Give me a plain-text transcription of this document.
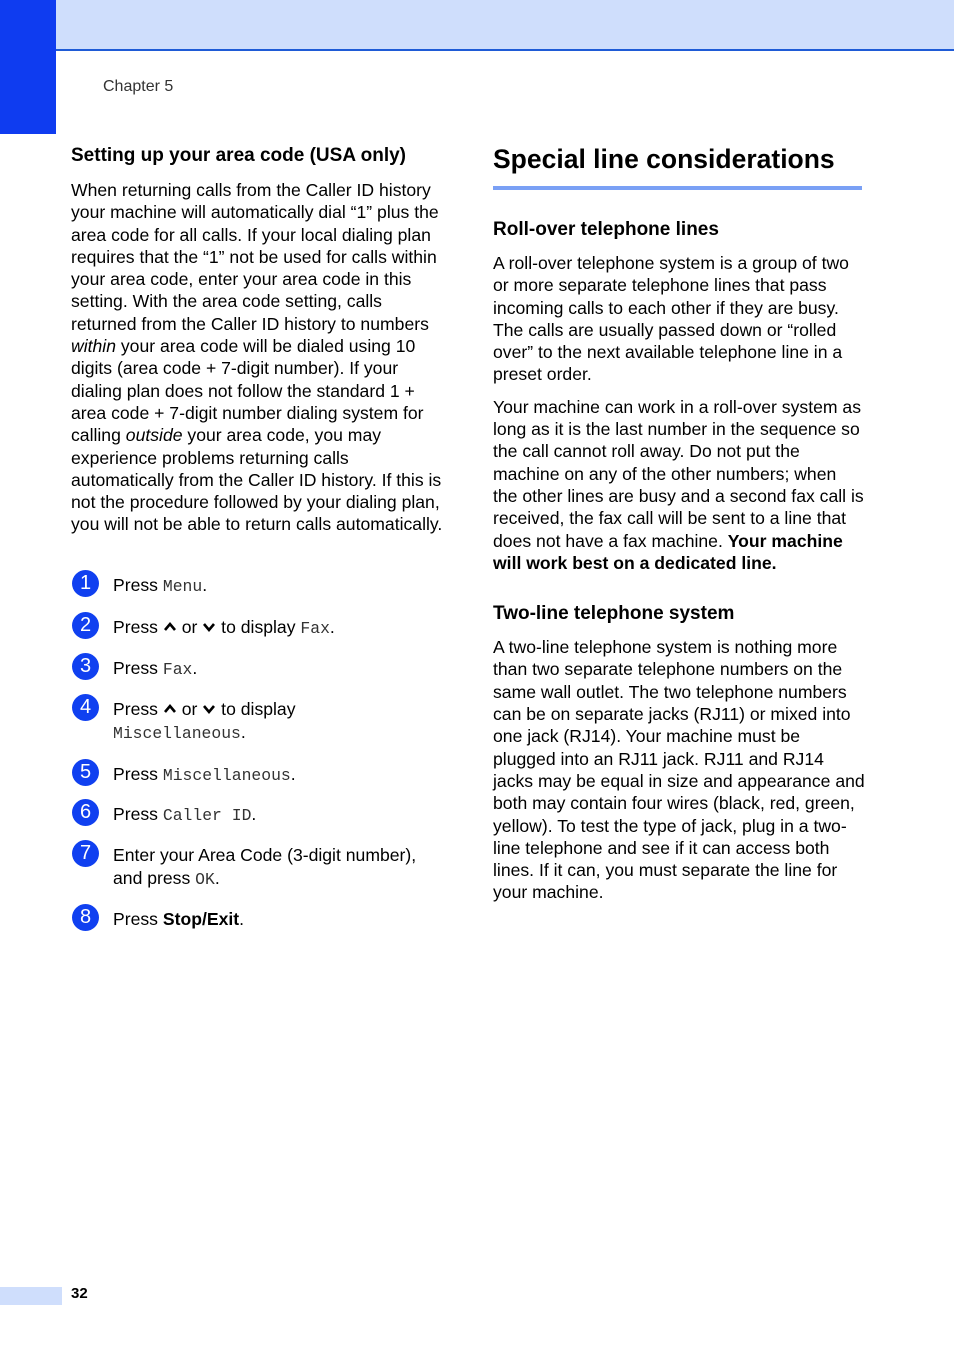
Chapter 5
Setting up your area code (USA only)

When returning calls from the Caller ID history your machine will automatically dial “1” plus the area code for all calls. If your local dialing plan requires that the “1” not be used for calls within your area code, enter your area code in this setting. With the area code setting, calls returned from the Caller ID history to numbers within your area code will be dialed using 10 digits (area code + 7-digit number). If your dialing plan does not follow the standard 1 + area code + 7-digit number dialing system for calling outside your area code, you may experience problems returning calls automatically from the Caller ID history. If this is not the procedure followed by your dialing plan, you will not be able to return calls automatically.

1	Press Menu.
2	Press  or  to display Fax.
3	Press Fax.
4	Press  or  to display
Miscellaneous.
5	Press Miscellaneous.
6	Press Caller ID.
7	Enter your Area Code (3-digit number), and press OK.
8	Press Stop/Exit.
Special line considerations
Roll-over telephone lines

A roll-over telephone system is a group of two or more separate telephone lines that pass incoming calls to each other if they are busy. The calls are usually passed down or “rolled over” to the next available telephone line in a preset order.

Your machine can work in a roll-over system as long as it is the last number in the sequence so the call cannot roll away. Do not put the machine on any of the other numbers; when the other lines are busy and a second fax call is received, the fax call will be sent to a line that does not have a fax machine. Your machine will work best on a dedicated line.

Two-line telephone system

A two-line telephone system is nothing more than two separate telephone numbers on the same wall outlet. The two telephone numbers can be on separate jacks (RJ11) or mixed into one jack (RJ14). Your machine must be plugged into an RJ11 jack. RJ11 and RJ14 jacks may be equal in size and appearance and both may contain four wires (black, red, green, yellow). To test the type of jack, plug in a two-line telephone and see if it can access both lines. If it can, you must separate the line for your machine.

32
